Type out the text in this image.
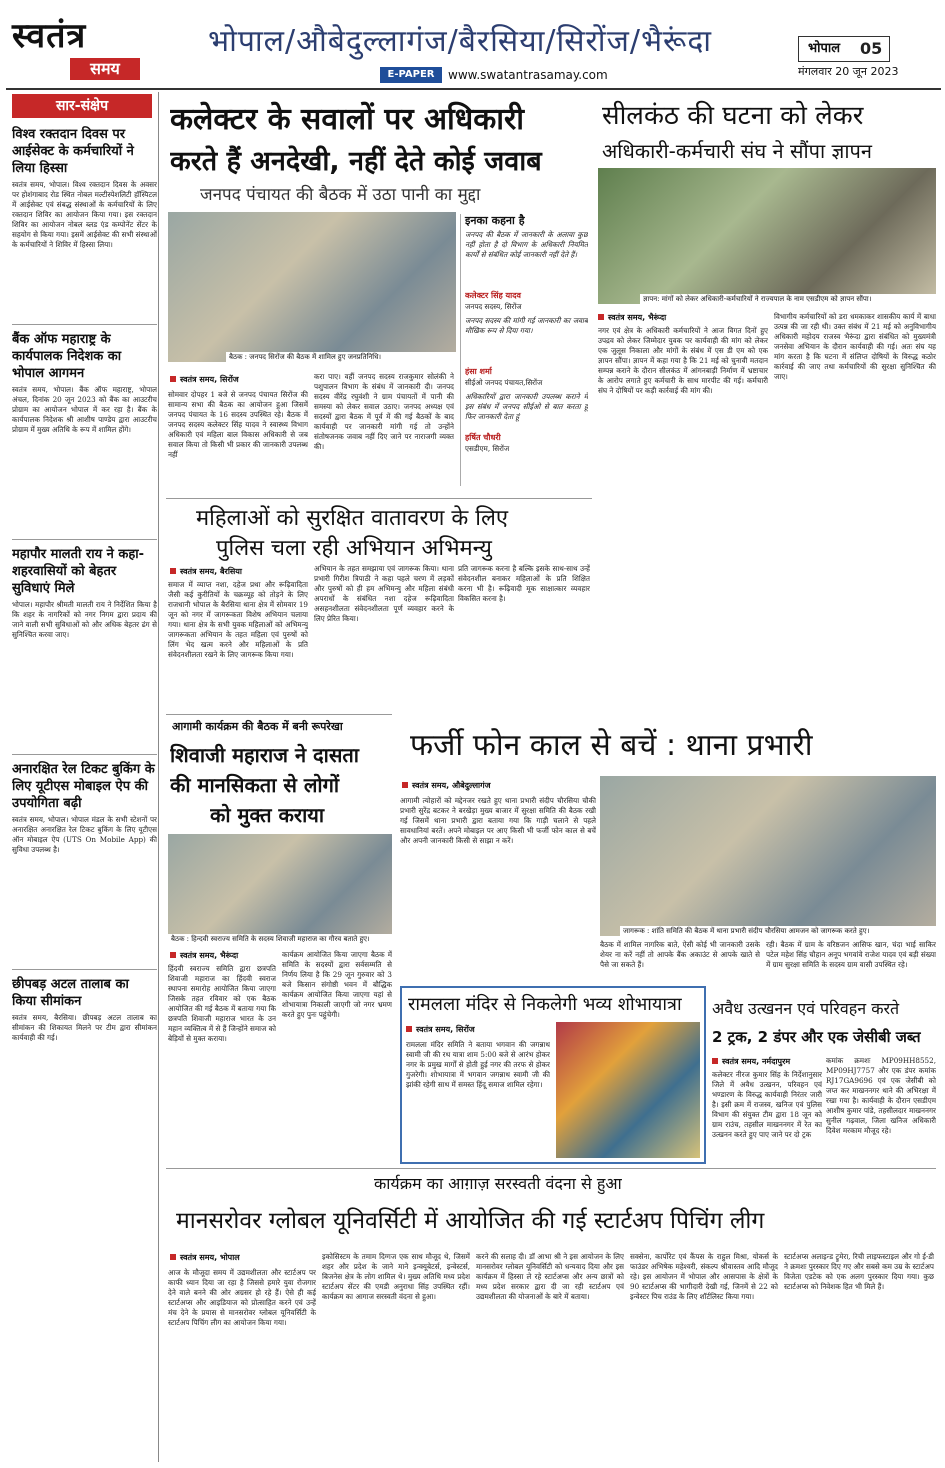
स्वतंत्र
समय
भोपाल/औबेदुल्लागंज/बैरसिया/सिरोंज/भैरूंदा
E-PAPER	www.swatantrasamay.com
भोपाल 05
मंगलवार 20 जून 2023
सार-संक्षेप
विश्व रक्तदान दिवस पर आईसेक्ट के कर्मचारियों ने लिया हिस्सा
स्वतंत्र समय, भोपाल। विश्व रक्तदान दिवस के अवसर पर होशंगाबाद रोड स्थित नोबल मल्टीस्पेशलिटी हॉस्पिटल में आईसेक्ट एवं संबद्ध संस्थाओं के कर्मचारियों के लिए रक्तदान शिविर का आयोजन किया गया। इस रक्तदान शिविर का आयोजन नोबल ब्लड एंड कम्पोनेंट सेंटर के सहयोग से किया गया। इसमें आईसेक्ट की सभी संस्थाओं के कर्मचारियों ने शिविर में हिस्सा लिया।
बैंक ऑफ महाराष्ट्र के कार्यपालक निदेशक का भोपाल आगमन
स्वतंत्र समय, भोपाल। बैंक ऑफ महाराष्ट्र, भोपाल अंचल, दिनांक 20 जून 2023 को बैंक का आउटरीच प्रोग्राम का आयोजन भोपाल में कर रहा है। बैंक के कार्यपालक निदेशक श्री आशीष पाण्डेय द्वारा आउटरीच प्रोग्राम में मुख्य अतिथि के रूप में शामिल होंगे।
महापौर मालती राय ने कहा-शहरवासियों को बेहतर सुविधाएं मिले
भोपाल। महापौर श्रीमती मालती राय ने निर्देशित किया है कि शहर के नागरिकों को नगर निगम द्वारा प्रदाय की जाने वाली सभी सुविधाओं को और अधिक बेहतर ढंग से सुनिश्चित करवा जाए।
अनारक्षित रेल टिकट बुकिंग के लिए यूटीएस मोबाइल ऐप की उपयोगिता बढ़ी
स्वतंत्र समय, भोपाल। भोपाल मंडल के सभी स्टेशनों पर अनारक्षित अनारक्षित रेल टिकट बुकिंग के लिए यूटीएस ऑन मोबाइल ऐप (UTS On Mobile App) की सुविधा उपलब्ध है।
छीपबड़ अटल तालाब का किया सीमांकन
स्वतंत्र समय, बैरसिया। छीपबड़ अटल तालाब का सीमांकन की शिकायत मिलने पर टीम द्वारा सीमांकन कार्यवाही की गई।
कलेक्टर के सवालों पर अधिकारी
करते हैं अनदेखी, नहीं देते कोई जवाब
जनपद पंचायत की बैठक में उठा पानी का मुद्दा
बैठक : जनपद सिरोंज की बैठक में शामिल हुए जनप्रतिनिधि।
स्वतंत्र समय, सिरोंज
सोमवार दोपहर 1 बजे से जनपद पंचायत सिरोंज की सामान्य सभा की बैठक का आयोजन हुआ जिसमें जनपद पंचायत के 16 सदस्य उपस्थित रहे। बैठक में जनपद सदस्य कलेक्टर सिंह यादव ने स्वास्थ्य विभाग अधिकारी एवं महिला बाल विकास अधिकारी से जब सवाल किया तो किसी भी प्रकार की जानकारी उपलब्ध नहीं
करा पाए। वहीं जनपद सदस्य राजकुमार सोलंकी ने पशुपालन विभाग के संबंध में जानकारी दी। जनपद सदस्य वीरेंद्र रघुवंशी ने ग्राम पंचायतों में पानी की समस्या को लेकर सवाल उठाए। जनपद अध्यक्ष एवं सदस्यों द्वारा बैठक में पूर्व में की गई बैठकों के बाद कार्यवाही पर जानकारी मांगी गई तो उन्होंने संतोषजनक जवाब नहीं दिए जाने पर नाराजगी व्यक्त की।
इनका कहना है
जनपद की बैठक में जानकारी के अलावा कुछ नहीं होता है दो विभाग के अधिकारी नियमित कार्यों से संबंधित कोई जानकारी नहीं देते हैं।
कलेक्टर सिंह यादव
जनपद सदस्य, सिरोंज
जनपद सदस्य की मांगी गई जानकारी का जवाब मौखिक रूप से दिया गया।
हंसा शर्मा
सीईओ जनपद पंचायत,सिरोंज
अधिकारियों द्वारा जानकारी उपलब्ध कराने में इस संबंध में जनपद सीईओ से बात करता हूं फिर जानकारी देता हूं
हर्षित चौधरी
एसडीएम, सिरोंज
सीलकंठ की घटना को लेकर
अधिकारी-कर्मचारी संघ ने सौंपा ज्ञापन
ज्ञापन: मांगों को लेकर अधिकारी-कर्मचारियों ने राज्यपाल के नाम एसडीएम को ज्ञापन सौंपा।
स्वतंत्र समय, भैरूंदा
नगर एवं क्षेत्र के अधिकारी कर्मचारियों ने आज विगत दिनों हुए उपद्रव को लेकर जिम्मेदार युवक पर कार्यवाही की मांग को लेकर एक जुलूस निकाला और मांगों के संबंध में एस डी एम को एक ज्ञापन सौंपा। ज्ञापन में कहा गया है कि 21 मई को चुनावी मतदान सम्पन्न कराने के दौरान सीलकंठ में आंगनबाड़ी निर्माण में भ्रष्टाचार के आरोप लगाते हुए कर्मचारी के साथ मारपीट की गई। कर्मचारी संघ ने दोषियों पर कड़ी कार्रवाई की मांग की।
विभागीय कर्मचारियों को डरा धमकाकर शासकीय कार्य में बाधा उत्पन्न की जा रही थी। उक्त संबंध में 21 मई को अनुविभागीय अधिकारी महोदय राजस्व भैरूंदा द्वारा संबंधित को मुख्यमंत्री जनसेवा अभियान के दौरान कार्यवाही की गई। अतः संघ यह मांग करता है कि घटना में संलिप्त दोषियों के विरुद्ध कठोर कार्रवाई की जाए तथा कर्मचारियों की सुरक्षा सुनिश्चित की जाए।
महिलाओं को सुरक्षित वातावरण के लिए
पुलिस चला रही अभियान अभिमन्यु
स्वतंत्र समय, बैरसिया
समाज में व्याप्त नशा, दहेज प्रथा और रूढ़िवादिता जैसी कई कुरीतियों के चक्रव्यूह को तोड़ने के लिए राजधानी भोपाल के बैरसिया थाना क्षेत्र में सोमवार 19 जून को नगर में जागरूकता विशेष अभियान चलाया गया। थाना क्षेत्र के सभी युवक महिलाओं को अभिमन्यु जागरूकता अभियान के तहत महिला एवं पुरुषों को लिंग भेद खत्म करने और महिलाओं के प्रति संवेदनशीलता रखने के लिए जागरूक किया गया।
अभियान के तहत समझाया एवं जागरूक किया। थाना प्रभारी गिरीश त्रिपाठी ने कहा पहले चरण में लड़कों और पुरुषों को ही हम अभिमन्यु और महिला संबंधी अपराधों के संबंधित नशा दहेज रूढ़िवादिता असहनशीलता संवेदनशीलता पूर्ण व्यवहार करने के लिए प्रेरित किया।
प्रति जागरूक करना है बल्कि इसके साथ-साथ उन्हें संवेदनशील बनाकर महिलाओं के प्रति शिक्षित करना भी है। रूढ़िवादी मूक साक्षात्कार व्यवहार विकसित करना है।
आगामी कार्यक्रम की बैठक में बनी रूपरेखा
शिवाजी महाराज ने दासता
की मानसिकता से लोगों
को मुक्त कराया
बैठक : हिन्दवी स्वराज्य समिति के सदस्य शिवाजी महाराज का गौरव बताते हुए।
स्वतंत्र समय, भैरूंदा
हिंदवी स्वराज्य समिति द्वारा छत्रपति शिवाजी महाराज का हिंदवी स्वराज स्थापना समारोह आयोजित किया जाएगा जिसके तहत रविवार को एक बैठक आयोजित की गई बैठक में बताया गया कि छत्रपति शिवाजी महाराज भारत के उन महान व्यक्तित्व में से हैं जिन्होंने समाज को बेड़ियों से मुक्त कराया।
कार्यक्रम आयोजित किया जाएगा बैठक में समिति के सदस्यों द्वारा सर्वसम्मति से निर्णय लिया है कि 29 जून गुरुवार को 3 बजे किसान संगोष्ठी भवन में बौद्धिक कार्यक्रम आयोजित किया जाएगा यहां से शोभायात्रा निकाली जाएगी जो नगर भ्रमण करते हुए पुनः पहुंचेगी।
फर्जी फोन काल से बचें : थाना प्रभारी
स्वतंत्र समय, औबेदुल्लागंज
आगामी त्योहारों को मद्देनजर रखते हुए थाना प्रभारी संदीप चौरसिया चौकी प्रभारी सुरेंद्र बटकर ने बरखेड़ा मुख्य बाजार में सुरक्षा समिति की बैठक रखी गई जिसमें थाना प्रभारी द्वारा बताया गया कि गाड़ी चलाने से पहले सावधानियां बरतें। अपने मोबाइल पर आए किसी भी फर्जी फोन काल से बचें और अपनी जानकारी किसी से साझा न करें।
जागरूक : शांति समिति की बैठक में थाना प्रभारी संदीप चौरसिया आमजन को जागरूक करते हुए।
बैठक में शामिल नागरिक बाते, ऐसी कोई भी जानकारी उसके शेयर ना करें नहीं तो आपके बैंक अकाउंट से आपके खाते से पैसे जा सकते हैं।
रही। बैठक में ग्राम के वरिष्ठजन आसिफ खान, चंदा भाई साकिर पटेल महेश सिंह चौहान अनूप भगवांवे राजेश यादव एवं बड़ी संख्या में ग्राम सुरक्षा समिति के सदस्य ग्राम वासी उपस्थित रहे।
रामलला मंदिर से निकलेगी भव्य शोभायात्रा
स्वतंत्र समय, सिरोंज
रामलला मंदिर समिति ने बताया भगवान की जगन्नाथ स्वामी जी की रथ यात्रा शाम 5:00 बजे से आरंभ होकर नगर के प्रमुख मार्गों से होती हुई नगर की तरफ से होकर गुजरेगी। शोभायात्रा में भगवान जगन्नाथ स्वामी जी की झांकी रहेगी साथ में समस्त हिंदू समाज शामिल रहेगा।
अवैध उत्खनन एवं परिवहन करते
2 ट्रक, 2 डंपर और एक जेसीबी जब्त
स्वतंत्र समय, नर्मदापुरम
कलेक्टर नीरज कुमार सिंह के निर्देशानुसार जिले में अवैध उत्खनन, परिवहन एवं भण्डारण के विरुद्ध कार्यवाही निरंतर जारी है। इसी क्रम में राजस्व, खनिज एवं पुलिस विभाग की संयुक्त टीम द्वारा 18 जून को ग्राम राउंच, तहसील माखननगर में रेत का उत्खनन करते हुए पाए जाने पर दो ट्रक
कमांक क्रमशः MP09HH8552, MP09HJ7757 और एक डंपर कमांक RJ17GA9696 एवं एक जेसीबी को जप्त कर माखननगर थाने की अभिरक्षा में रखा गया है। कार्यवाही के दौरान एसडीएम आशीष कुमार पांडे, तहसीलदार माखननगर सुनील गढ़वाल, जिला खनिज अधिकारी दिवेश मरकाम मौजूद रहे।
कार्यक्रम का आग़ाज़ सरस्वती वंदना से हुआ
मानसरोवर ग्लोबल यूनिवर्सिटी में आयोजित की गई स्टार्टअप पिचिंग लीग
स्वतंत्र समय, भोपाल
आज के मौजूदा समय में उद्यमशीलता और स्टार्टअप पर काफी ध्यान दिया जा रहा है जिससे हमारे युवा रोजगार देने वाले बनने की ओर अग्रसर हो रहे हैं। ऐसे ही कई स्टार्टअप्स और आइडियाज को प्रोत्साहित करने एवं उन्हें मंच देने के प्रयास से मानसरोवर ग्लोबल यूनिवर्सिटी के स्टार्टअप पिचिंग लीग का आयोजन किया गया।
इकोसिस्टम के तमाम दिग्गज एक साथ मौजूद थे, जिसमें शहर और प्रदेश के जाने माने इन्क्यूबेटर्स, इन्वेस्टर्स, बिजनेस क्षेत्र के लोग शामिल थे। मुख्य अतिथि मध्य प्रदेश स्टार्टअप सेंटर की एमडी अनुराधा सिंह उपस्थित रहीं। कार्यक्रम का आगाज सरस्वती वंदना से हुआ।
करने की सलाह दी। डॉ आभा श्री ने इस आयोजन के लिए मानसरोवर ग्लोबल यूनिवर्सिटी को धन्यवाद दिया और इस कार्यक्रम में हिस्सा ले रहे स्टार्टअप्स और अन्य छात्रों को मध्य प्रदेश सरकार द्वारा दी जा रही स्टार्टअप एवं उद्यमशीलता की योजनाओं के बारे में बताया।
सक्सेना, कार्पोरेट एवं कैंपस के राहुल मिश्रा, योकर्स के फाउंडर अभिषेक महेश्वरी, संकल्प श्रीवास्तव आदि मौजूद रहे। इस आयोजन में भोपाल और आसपास के क्षेत्रों के 90 स्टार्टअप्स की भागीदारी देखी गई, जिनमें से 22 को इन्वेस्टर पिच राउंड के लिए शॉर्टलिस्ट किया गया।
स्टार्टअप्स अलाइन्ड ट्रुमेरा, रिची लाइफस्टाइल और गो ई-डी ने क्रमशः पुरस्कार दिए गए और सबसे कम उम्र के स्टार्टअप विजेता एडटेक को एक अलग पुरस्कार दिया गया। कुछ स्टार्टअप्स को निवेशक हित भी मिले हैं।
